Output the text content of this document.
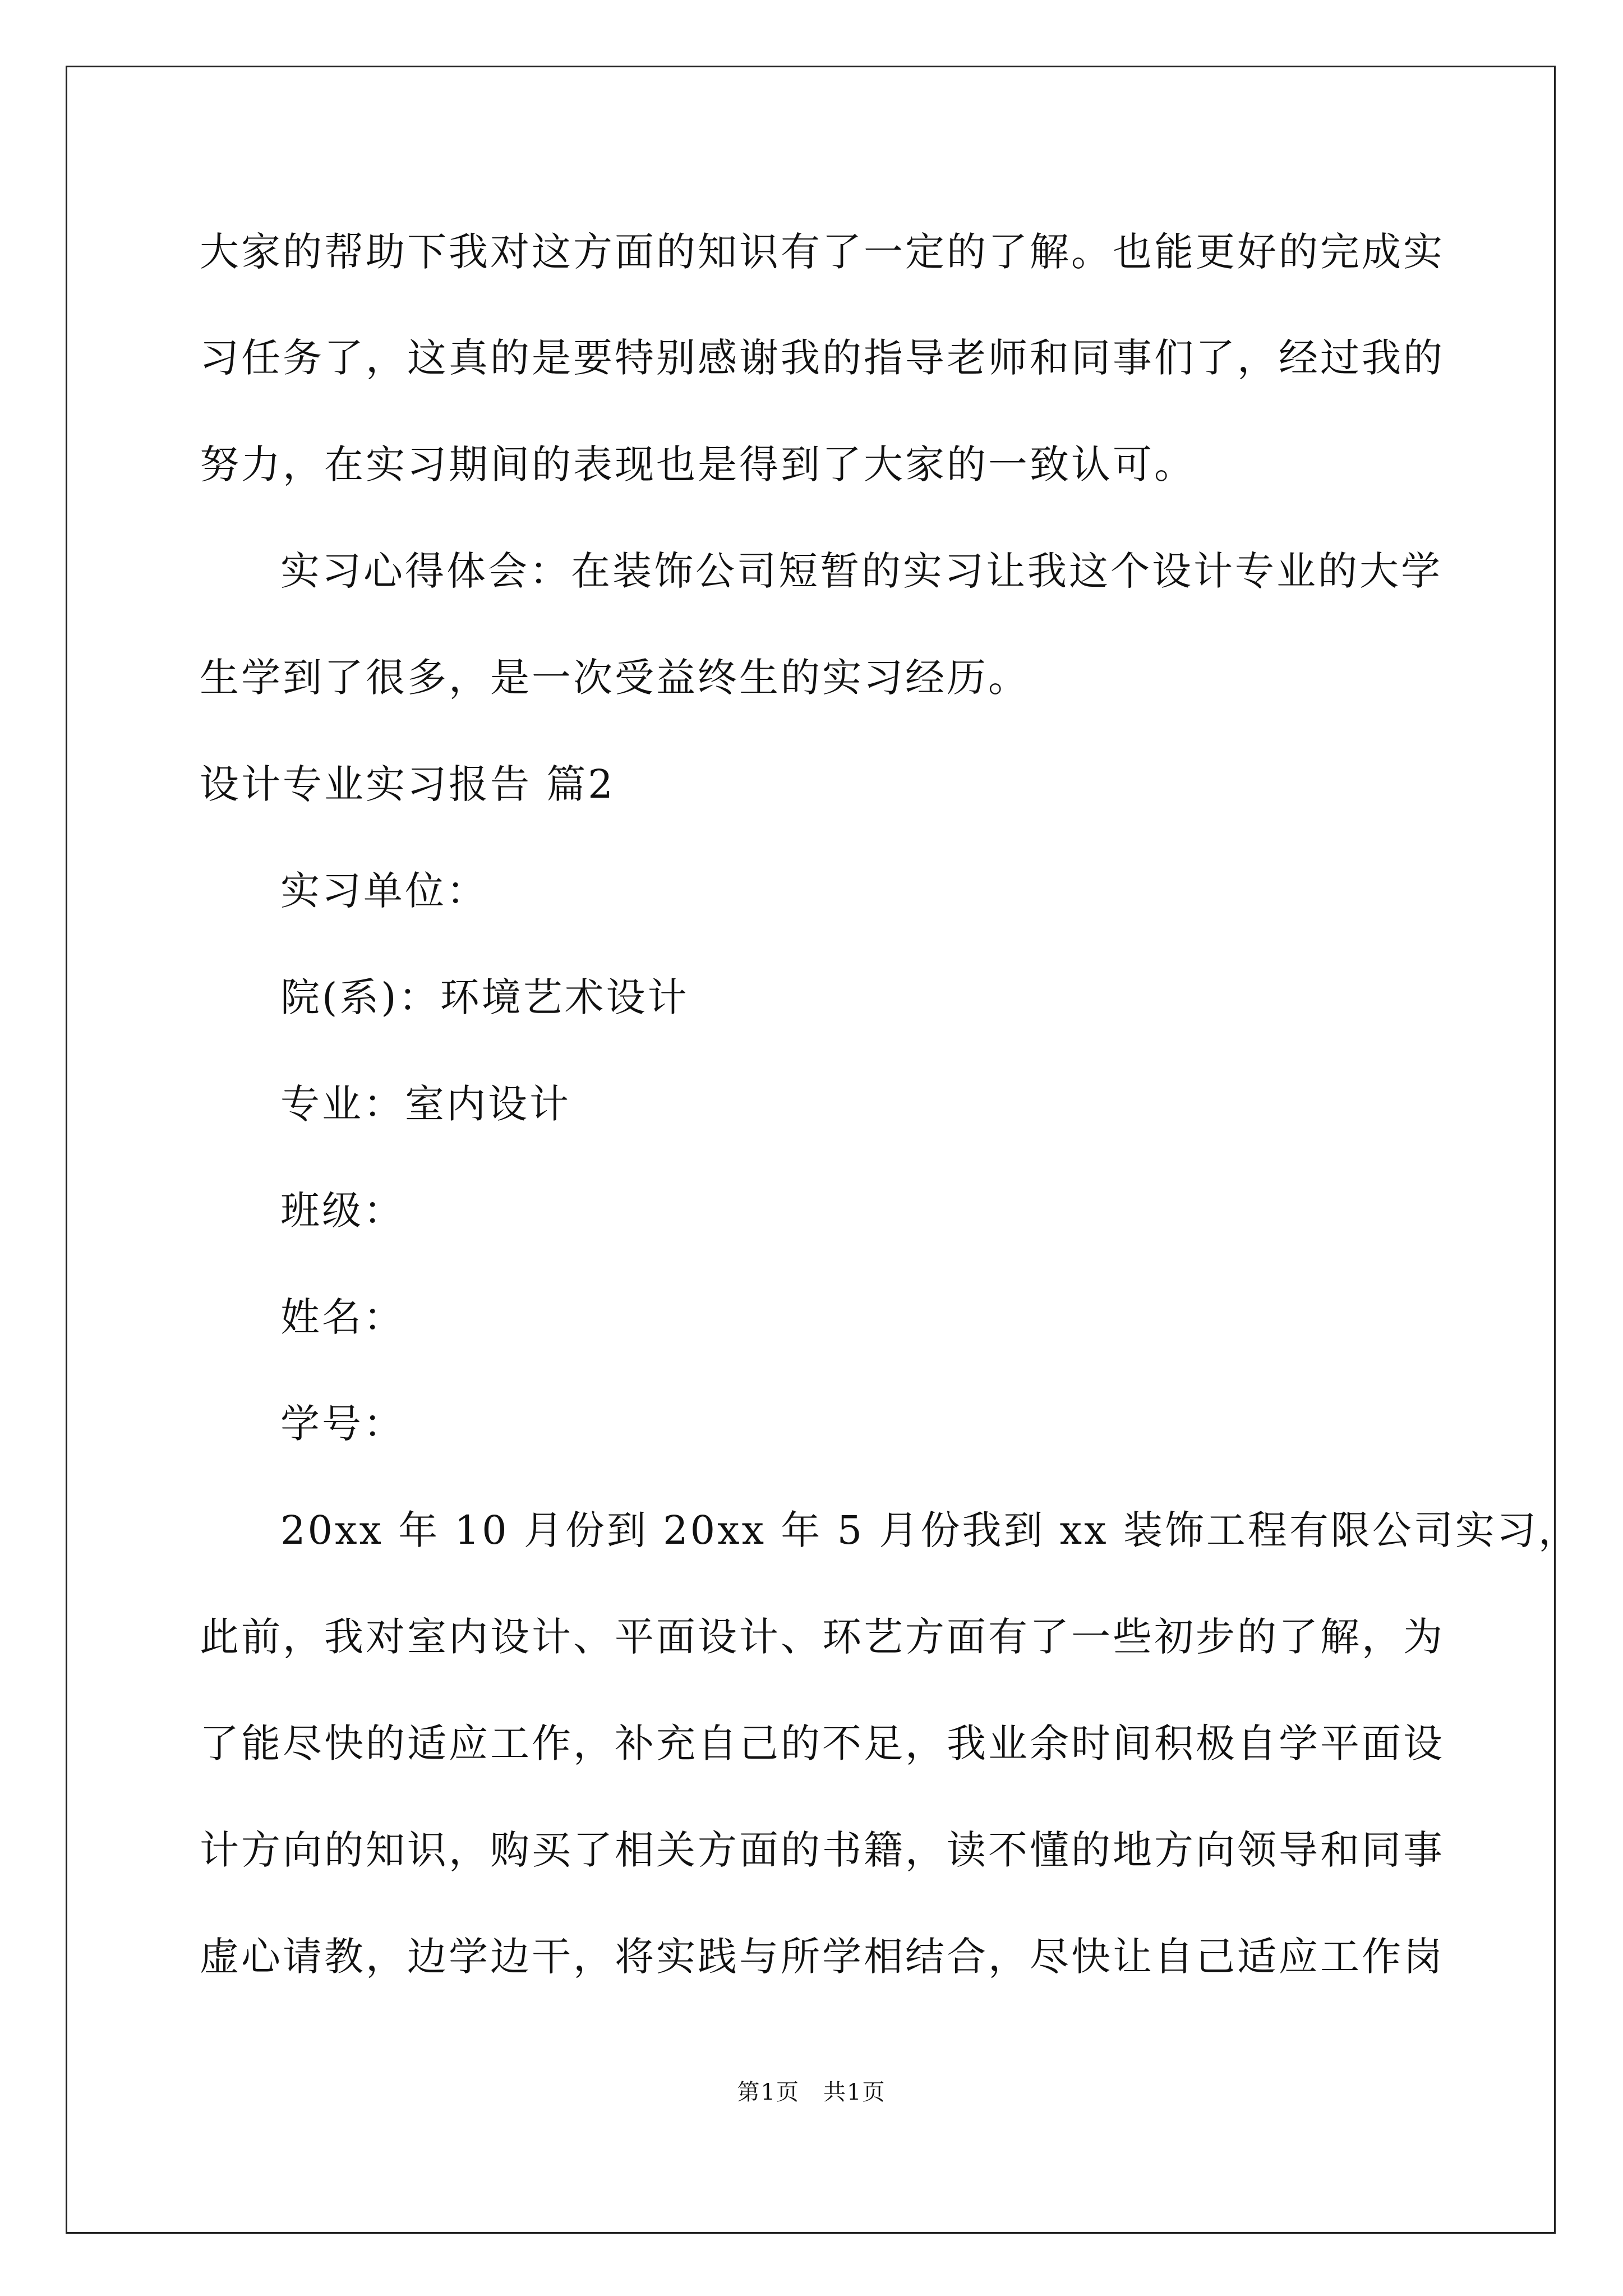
大家的帮助下我对这方面的知识有了一定的了解。也能更好的完成实
习任务了，这真的是要特别感谢我的指导老师和同事们了，经过我的
努力，在实习期间的表现也是得到了大家的一致认可。
实习心得体会：在装饰公司短暂的实习让我这个设计专业的大学
生学到了很多，是一次受益终生的实习经历。
设计专业实习报告 篇2
实习单位：
院(系)：环境艺术设计
专业：室内设计
班级：
姓名：
学号：
20xx 年 10 月份到 20xx 年 5 月份我到 xx 装饰工程有限公司实习，
此前，我对室内设计、平面设计、环艺方面有了一些初步的了解，为
了能尽快的适应工作，补充自己的不足，我业余时间积极自学平面设
计方向的知识，购买了相关方面的书籍，读不懂的地方向领导和同事
虚心请教，边学边干，将实践与所学相结合，尽快让自己适应工作岗
第1页　共1页
